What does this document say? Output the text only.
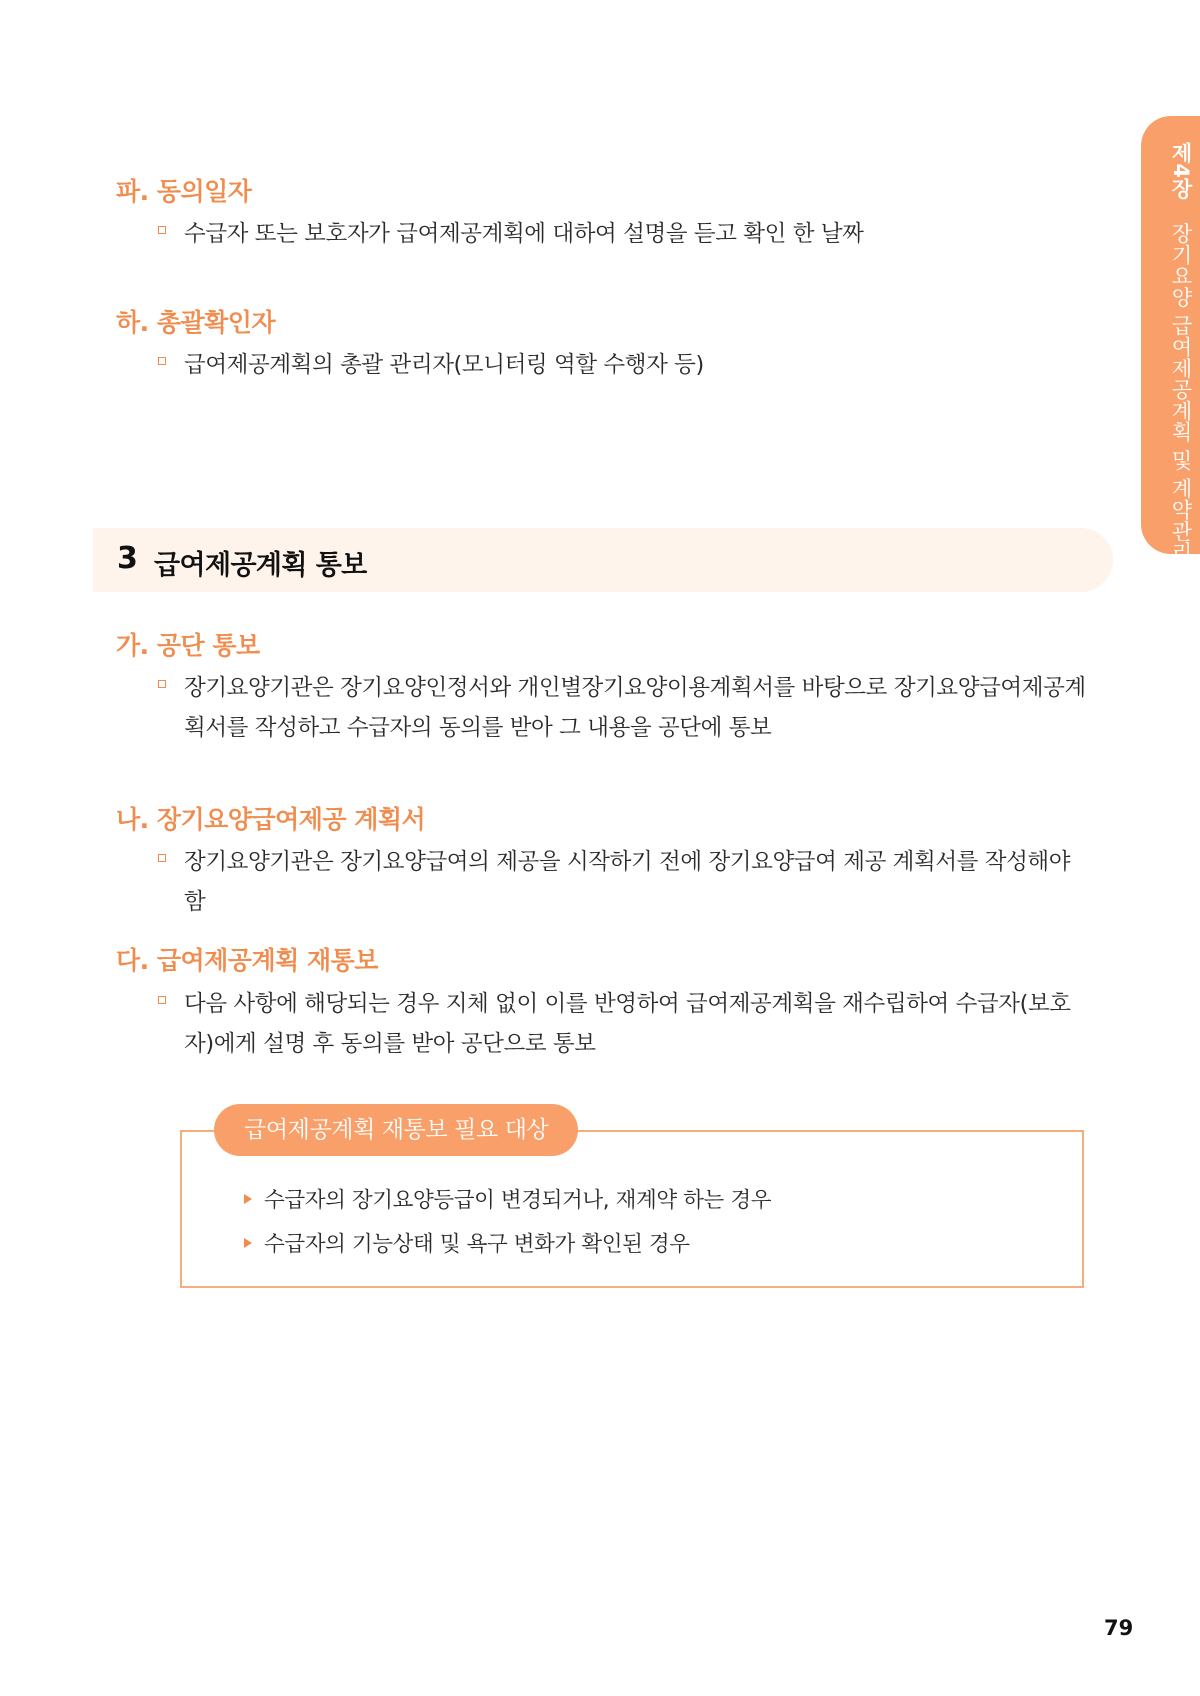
제4장 장기요양 급여제공계획 및 계약관리
파. 동의일자
수급자 또는 보호자가 급여제공계획에 대하여 설명을 듣고 확인 한 날짜
하. 총괄확인자
급여제공계획의 총괄 관리자(모니터링 역할 수행자 등)
3 급여제공계획 통보
가. 공단 통보
장기요양기관은 장기요양인정서와 개인별장기요양이용계획서를 바탕으로 장기요양급여제공계획서를 작성하고 수급자의 동의를 받아 그 내용을 공단에 통보
나. 장기요양급여제공 계획서
장기요양기관은 장기요양급여의 제공을 시작하기 전에 장기요양급여 제공 계획서를 작성해야 함
다. 급여제공계획 재통보
다음 사항에 해당되는 경우 지체 없이 이를 반영하여 급여제공계획을 재수립하여 수급자(보호자)에게 설명 후 동의를 받아 공단으로 통보
급여제공계획 재통보 필요 대상
수급자의 장기요양등급이 변경되거나, 재계약 하는 경우
수급자의 기능상태 및 욕구 변화가 확인된 경우
79
